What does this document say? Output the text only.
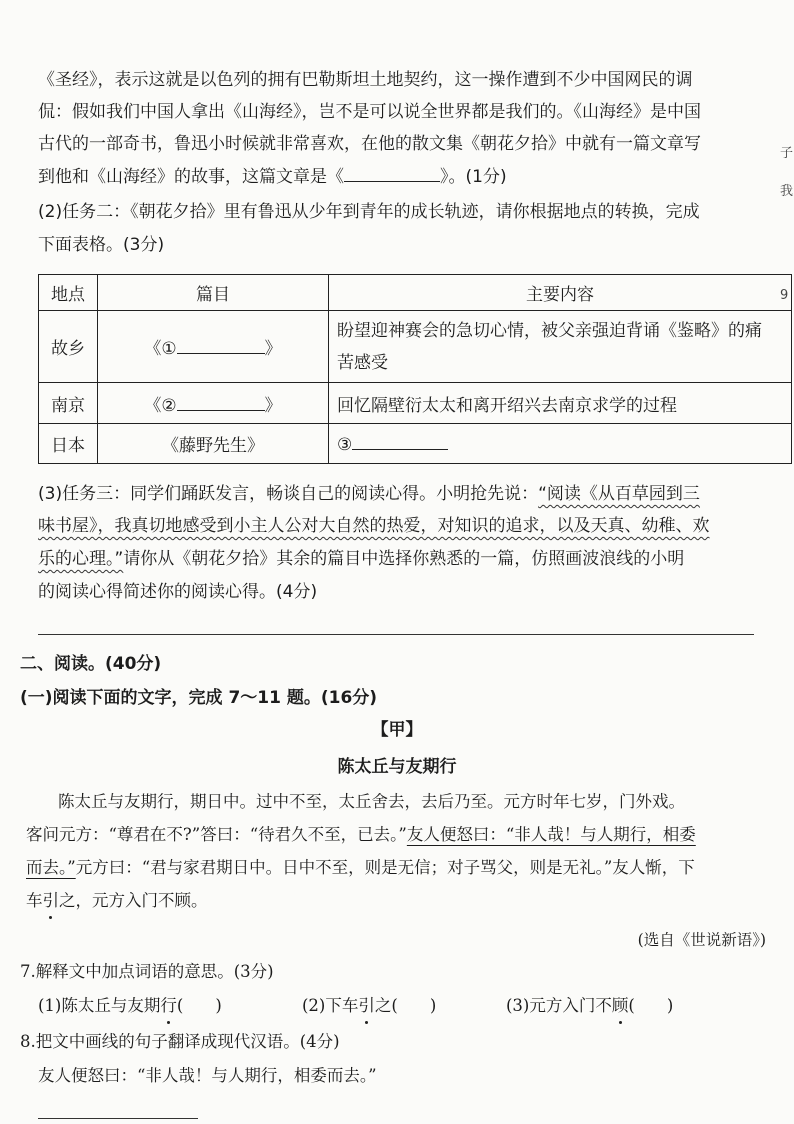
《圣经》，表示这就是以色列的拥有巴勒斯坦土地契约，这一操作遭到不少中国网民的调
侃：假如我们中国人拿出《山海经》，岂不是可以说全世界都是我们的。《山海经》是中国
古代的一部奇书，鲁迅小时候就非常喜欢，在他的散文集《朝花夕拾》中就有一篇文章写
到他和《山海经》的故事，这篇文章是《	》。(1分)
(2)任务二：《朝花夕拾》里有鲁迅从少年到青年的成长轨迹，请你根据地点的转换，完成
下面表格。(3分)
地点	篇目	主要内容
故乡	《① 》	盼望迎神赛会的急切心情，被父亲强迫背诵《鉴略》的痛
苦感受

南京	《② 》	回忆隔壁衍太太和离开绍兴去南京求学的过程
日本	《藤野先生》	③
(3)任务三：同学们踊跃发言，畅谈自己的阅读心得。小明抢先说：“阅读《从百草园到三
味书屋》，我真切地感受到小主人公对大自然的热爱，对知识的追求，以及天真、幼稚、欢
乐的心理。”请你从《朝花夕拾》其余的篇目中选择你熟悉的一篇，仿照画波浪线的小明
的阅读心得简述你的阅读心得。(4分)
二、阅读。(40分)
(一)阅读下面的文字，完成 7～11 题。(16分)
【甲】
陈太丘与友期行
陈太丘与友期行，期日中。过中不至，太丘舍去，去后乃至。元方时年七岁，门外戏。
客问元方：“尊君在不?”答曰：“待君久不至，已去。”友人便怒曰：“非人哉！与人期行，相委
而去。”元方曰：“君与家君期日中。日中不至，则是无信；对子骂父，则是无礼。”友人惭，下
车引之，元方入门不顾。
(选自《世说新语》)
7.解释文中加点词语的意思。(3分)
(1)陈太丘与友期行( )	(2)下车引之( )	(3)元方入门不顾( )
8.把文中画线的句子翻译成现代汉语。(4分)
友人便怒曰：“非人哉！与人期行，相委而去。”
子
我
9
